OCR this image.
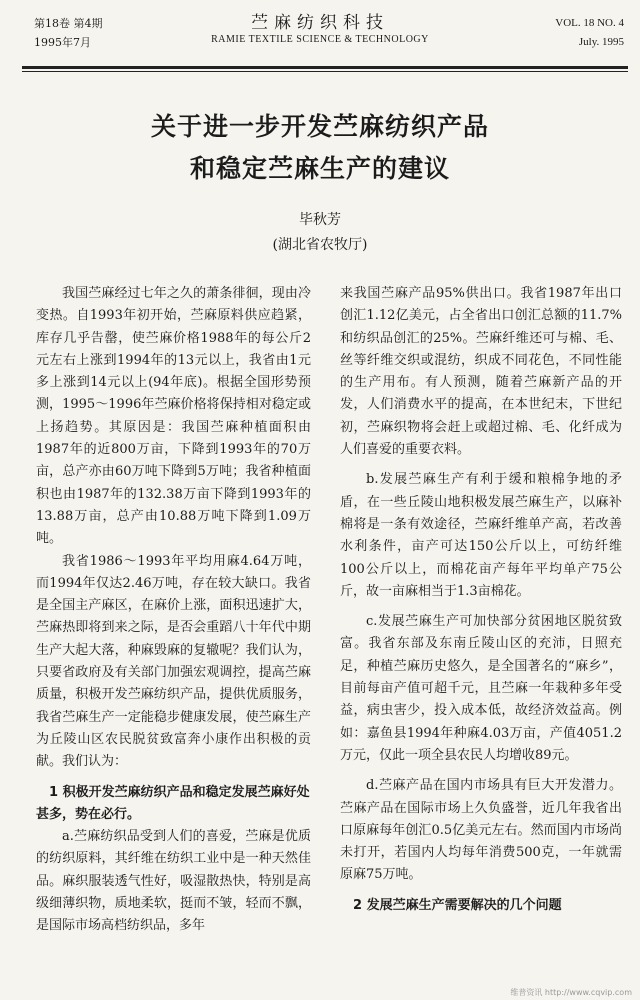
第18卷 第4期
1995年7月
苎麻纺织科技
RAMIE TEXTILE SCIENCE & TECHNOLOGY
VOL. 18 NO. 4
July. 1995
关于进一步开发苎麻纺织产品
和稳定苎麻生产的建议
毕秋芳
(湖北省农牧厅)

我国苎麻经过七年之久的萧条徘徊，现由冷变热。自1993年初开始，苎麻原料供应趋紧，库存几乎告罄，使苎麻价格1988年的每公斤2元左右上涨到1994年的13元以上，我省由1元多上涨到14元以上(94年底)。根据全国形势预测，1995～1996年苎麻价格将保持相对稳定或上扬趋势。其原因是：我国苎麻种植面积由1987年的近800万亩，下降到1993年的70万亩，总产亦由60万吨下降到5万吨；我省种植面积也由1987年的132.38万亩下降到1993年的13.88万亩，总产由10.88万吨下降到1.09万吨。

我省1986～1993年平均用麻4.64万吨，而1994年仅达2.46万吨，存在较大缺口。我省是全国主产麻区，在麻价上涨，面积迅速扩大，苎麻热即将到来之际，是否会重蹈八十年代中期生产大起大落，种麻毁麻的复辙呢？我们认为，只要省政府及有关部门加强宏观调控，提高苎麻质量，积极开发苎麻纺织产品，提供优质服务，我省苎麻生产一定能稳步健康发展，使苎麻生产为丘陵山区农民脱贫致富奔小康作出积极的贡献。我们认为：

1 积极开发苎麻纺织产品和稳定发展苎麻好处甚多，势在必行。

a.苎麻纺织品受到人们的喜爱，苎麻是优质的纺织原料，其纤维在纺织工业中是一种天然佳品。麻织服装透气性好，吸湿散热快，特别是高级细薄织物，质地柔软，挺而不皱，轻而不飘，是国际市场高档纺织品，多年

来我国苎麻产品95%供出口。我省1987年出口创汇1.12亿美元，占全省出口创汇总额的11.7%和纺织品创汇的25%。苎麻纤维还可与棉、毛、丝等纤维交织或混纺，织成不同花色，不同性能的生产用布。有人预测，随着苎麻新产品的开发，人们消费水平的提高，在本世纪末，下世纪初，苎麻织物将会赶上或超过棉、毛、化纤成为人们喜爱的重要衣料。

b.发展苎麻生产有利于缓和粮棉争地的矛盾，在一些丘陵山地积极发展苎麻生产，以麻补棉将是一条有效途径，苎麻纤维单产高，若改善水利条件，亩产可达150公斤以上，可纺纤维100公斤以上，而棉花亩产每年平均单产75公斤，故一亩麻相当于1.3亩棉花。

c.发展苎麻生产可加快部分贫困地区脱贫致富。我省东部及东南丘陵山区的充沛，日照充足，种植苎麻历史悠久，是全国著名的“麻乡”，目前每亩产值可超千元，且苎麻一年栽种多年受益，病虫害少，投入成本低，故经济效益高。例如：嘉鱼县1994年种麻4.03万亩，产值4051.2万元，仅此一项全县农民人均增收89元。

d.苎麻产品在国内市场具有巨大开发潜力。苎麻产品在国际市场上久负盛誉，近几年我省出口原麻每年创汇0.5亿美元左右。然而国内市场尚未打开，若国内人均每年消费500克，一年就需原麻75万吨。

2 发展苎麻生产需要解决的几个问题
维普资讯 http://www.cqvip.com
